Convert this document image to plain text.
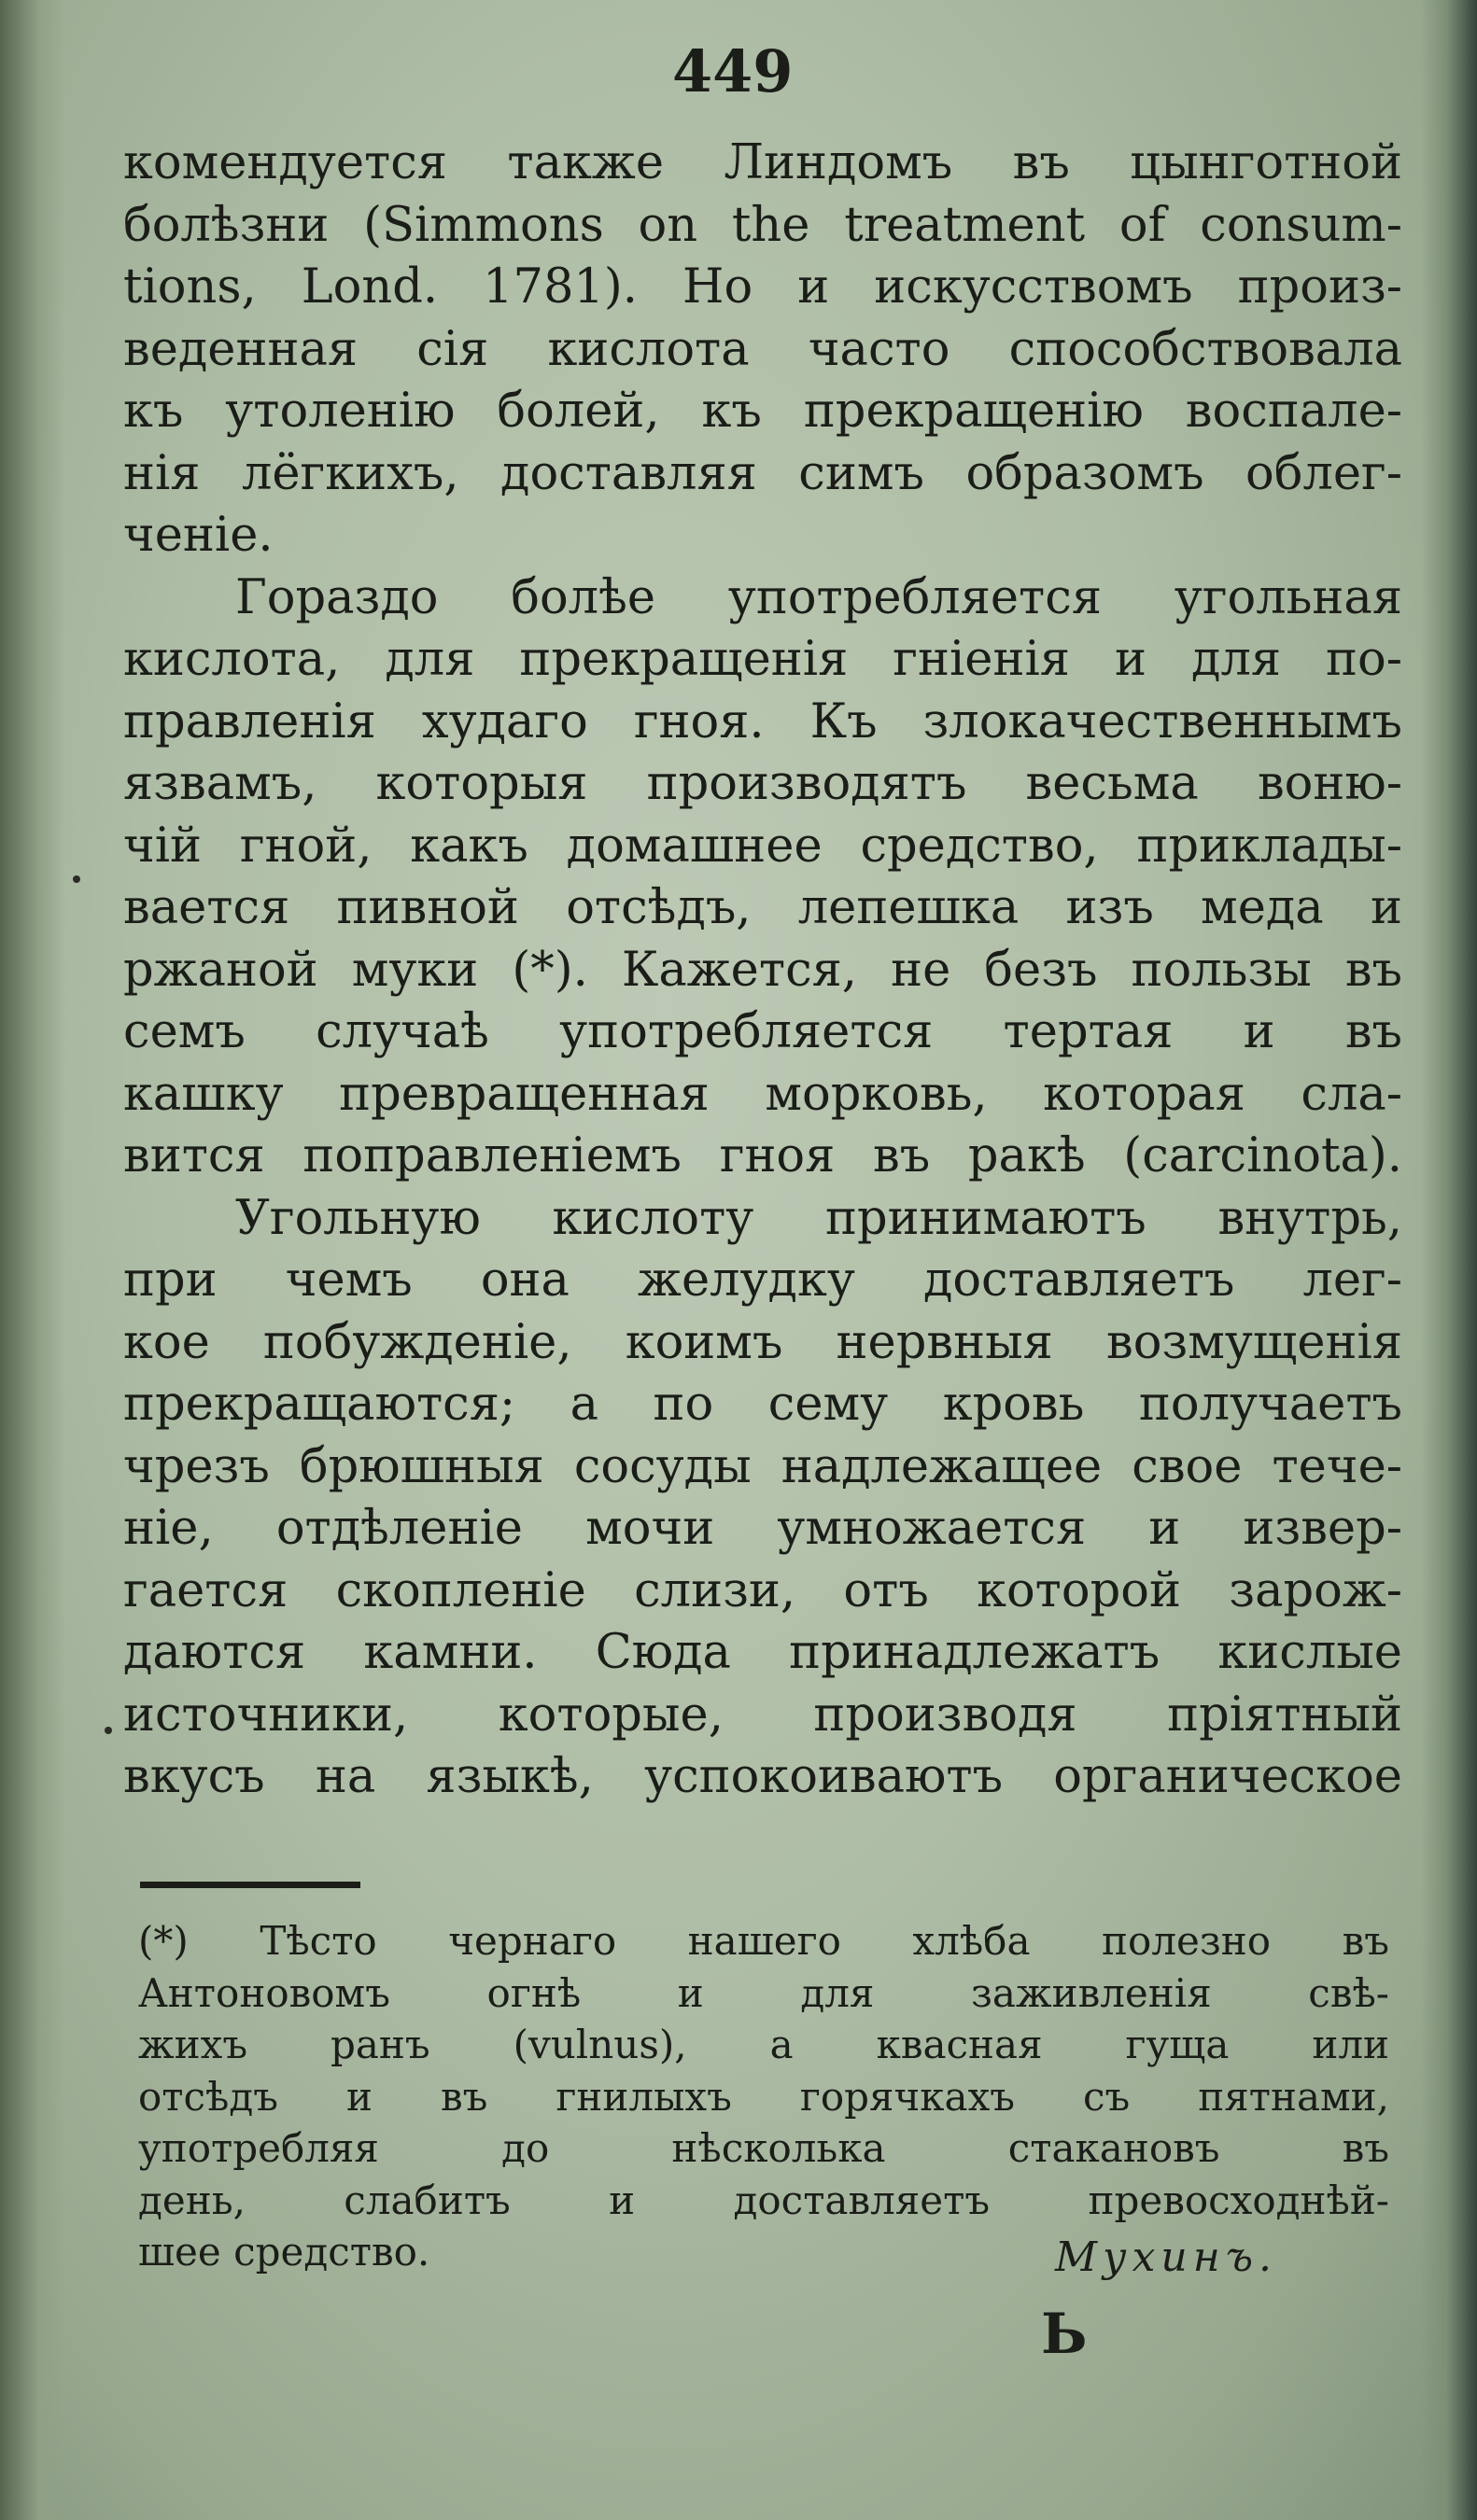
449
комендуется также Линдомъ въ цынготной
болѣзни (Simmons on the treatment of consum-
tions, Lond. 1781). Но и искусствомъ произ-
веденная сія кислота часто способствовала
къ утоленію болей, къ прекращенію воспале-
нія лёгкихъ, доставляя симъ образомъ облег-
ченіе.
Гораздо болѣе употребляется угольная
кислота, для прекращенія гніенія и для по-
правленія худаго гноя. Къ злокачественнымъ
язвамъ, которыя производятъ весьма воню-
чій гной, какъ домашнее средство, приклады-
вается пивной отсѣдъ, лепешка изъ меда и
ржаной муки (*). Кажется, не безъ пользы въ
семъ случаѣ употребляется тертая и въ
кашку превращенная морковь, которая сла-
вится поправленіемъ гноя въ ракѣ (carcinota).
Угольную кислоту принимаютъ внутрь,
при чемъ она желудку доставляетъ лег-
кое побужденіе, коимъ нервныя возмущенія
прекращаются; а по сему кровь получаетъ
чрезъ брюшныя сосуды надлежащее свое тече-
ніе, отдѣленіе мочи умножается и извер-
гается скопленіе слизи, отъ которой зарож-
даются камни. Сюда принадлежатъ кислые
источники, которые, производя пріятный
вкусъ на языкѣ, успокоиваютъ органическое
(*) Тѣсто чернаго нашего хлѣба полезно въ
Антоновомъ огнѣ и для заживленія свѣ-
жихъ ранъ (vulnus), а квасная гуща или
отсѣдъ и въ гнилыхъ горячкахъ съ пятнами,
употребляя до нѣсколька стакановъ въ
день, слабитъ и доставляетъ превосходнѣй-
шее средство.	Мухинъ.
Ь
